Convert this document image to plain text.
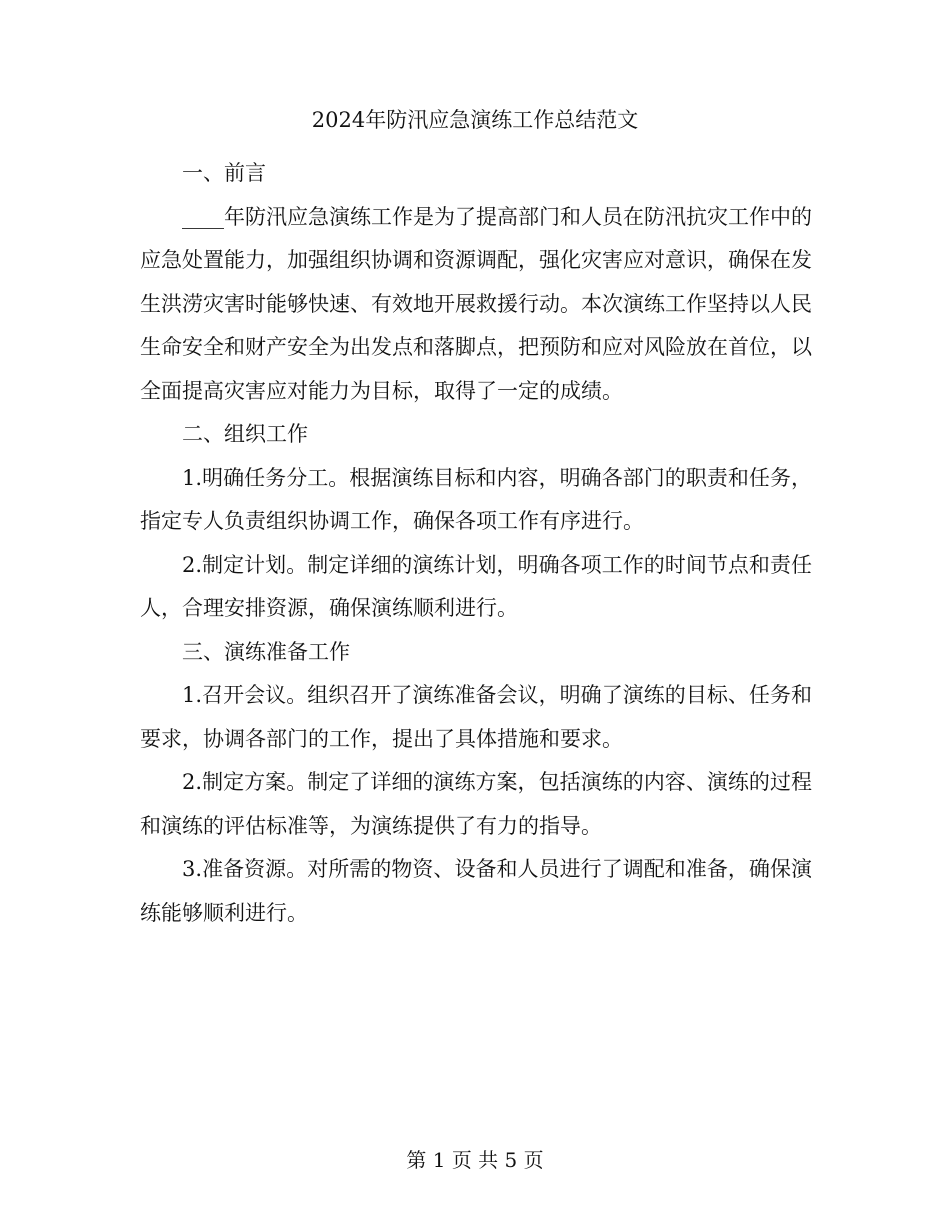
2024年防汛应急演练工作总结范文

一、前言

____年防汛应急演练工作是为了提高部门和人员在防汛抗灾工作中的应急处置能力，加强组织协调和资源调配，强化灾害应对意识，确保在发生洪涝灾害时能够快速、有效地开展救援行动。本次演练工作坚持以人民生命安全和财产安全为出发点和落脚点，把预防和应对风险放在首位，以全面提高灾害应对能力为目标，取得了一定的成绩。

二、组织工作

1.明确任务分工。根据演练目标和内容，明确各部门的职责和任务，指定专人负责组织协调工作，确保各项工作有序进行。

2.制定计划。制定详细的演练计划，明确各项工作的时间节点和责任人，合理安排资源，确保演练顺利进行。

三、演练准备工作

1.召开会议。组织召开了演练准备会议，明确了演练的目标、任务和要求，协调各部门的工作，提出了具体措施和要求。

2.制定方案。制定了详细的演练方案，包括演练的内容、演练的过程和演练的评估标准等，为演练提供了有力的指导。

3.准备资源。对所需的物资、设备和人员进行了调配和准备，确保演练能够顺利进行。

第 1 页 共 5 页
